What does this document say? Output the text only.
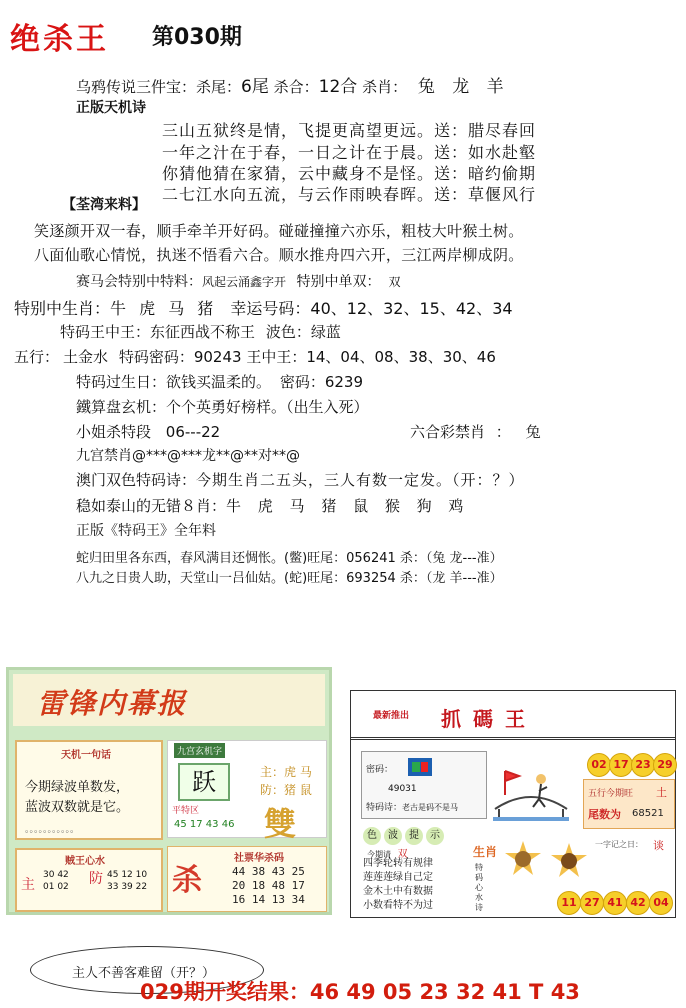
绝杀王 第030期
乌鸦传说三件宝：杀尾：6尾 杀合：12合 杀肖： 兔 龙 羊
正版天机诗
三山五狱终是情，飞提更高望更远。送：腊尽春回
一年之汁在于春，一日之计在于晨。送：如水赴壑
你猜他猜在家猜，云中藏身不是怪。送：暗约偷期
二七江水向五流，与云作雨映春晖。送：草偃风行
【荃湾来料】
笑逐颜开双一春，顺手牵羊开好码。碰碰撞撞六亦乐，粗枝大叶猴土树。
八面仙歌心情悦，执迷不悟看六合。顺水推舟四六开，三江两岸柳成阴。
赛马会特别中特料：风起云涌鑫字开 特别中单双： 双
特别中生肖：牛 虎 马 猪 幸运号码：40、12、32、15、42、34
特码王中王：东征西战不称王 波色：绿蓝
五行： 土金水 特码密码：90243 王中王：14、04、08、38、30、46
特码过生日：欲钱买温柔的。 密码：6239
鐵算盘玄机：个个英勇好榜样。（出生入死）
小姐杀特段 06---22	六合彩禁肖 ： 兔
九宫禁肖@***@***龙**@**对**@
澳门双色特码诗：今期生肖二五头，三人有数一定发。（开：？）
稳如泰山的无错８肖：牛 虎 马 猪 鼠 猴 狗 鸡
正版《特码王》全年料
蛇归田里各东西，春风满目还惆怅。(鳖)旺尾：056241 杀：（兔 龙---准）
八九之日贵人助，天堂山一吕仙姑。(蛇)旺尾：693254 杀：（龙 羊---准）
雷锋内幕报
天机一句话
今期绿波单数发，
蓝波双数就是它。
。。。。。。。。。。。
九宫玄机字
跃
平特区
45 17 43 46
主：虎 马
防：猪 鼠
雙
贼王心水
主	防
30 42
01 02
45 12 10
33 39 22 杀
社票华杀码
44 38 43 25
20 18 48 17
16 14 13 34
最新推出 抓碼王
密码：
49031
特码诗：老古是码不是马
02 17 23 29
五行今期旺 土
尾数为 68521
色 波 提 示
今期请 双
四季轮转有规律
莲莲莲绿自己定
金木土中有数据
小数看特不为过
生肖
特码心水诗
一字记之日： 谈
11 27 41 42 04
主人不善客难留（开？）
029期开奖结果：46 49 05 23 32 41 T 43
